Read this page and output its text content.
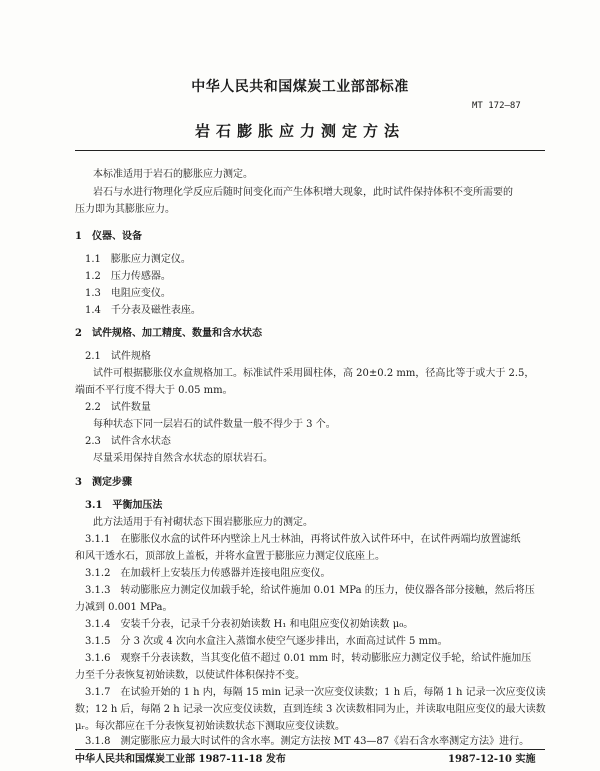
中华人民共和国煤炭工业部部标准
MT 172—87
岩石膨胀应力测定方法
本标准适用于岩石的膨胀应力测定。
岩石与水进行物理化学反应后随时间变化而产生体积增大现象，此时试件保持体积不变所需要的
压力即为其膨胀应力。
1　仪器、设备
1.1　膨胀应力测定仪。
1.2　压力传感器。
1.3　电阻应变仪。
1.4　千分表及磁性表座。
2　试件规格、加工精度、数量和含水状态
2.1　试件规格
试件可根据膨胀仪水盒规格加工。标准试件采用圆柱体，高 20±0.2 mm，径高比等于或大于 2.5，
端面不平行度不得大于 0.05 mm。
2.2　试件数量
每种状态下同一层岩石的试件数量一般不得少于 3 个。
2.3　试件含水状态
尽量采用保持自然含水状态的原状岩石。
3　测定步骤
3.1　平衡加压法
此方法适用于有衬砌状态下围岩膨胀应力的测定。
3.1.1　在膨胀仪水盒的试件环内壁涂上凡士林油，再将试件放入试件环中，在试件两端均放置滤纸
和风干透水石，顶部放上盖板，并将水盒置于膨胀应力测定仪底座上。
3.1.2　在加载杆上安装压力传感器并连接电阻应变仪。
3.1.3　转动膨胀应力测定仪加载手轮，给试件施加 0.01 MPa 的压力，使仪器各部分接触，然后将压
力减到 0.001 MPa。
3.1.4　安装千分表，记录千分表初始读数 H₁ 和电阻应变仪初始读数 μ₀。
3.1.5　分 3 次或 4 次向水盒注入蒸馏水使空气逐步排出，水面高过试件 5 mm。
3.1.6　观察千分表读数，当其变化值不超过 0.01 mm 时，转动膨胀应力测定仪手轮，给试件施加压
力至千分表恢复初始读数，以使试件体积保持不变。
3.1.7　在试验开始的 1 h 内，每隔 15 min 记录一次应变仪读数；1 h 后，每隔 1 h 记录一次应变仪读
数；12 h 后，每隔 2 h 记录一次应变仪读数，直到连续 3 次读数相同为止，并读取电阻应变仪的最大读数
μᵣ。每次都应在千分表恢复初始读数状态下测取应变仪读数。
3.1.8　测定膨胀应力最大时试件的含水率。测定方法按 MT 43—87《岩石含水率测定方法》进行。
中华人民共和国煤炭工业部 1987-11-18 发布	1987-12-10 实施
